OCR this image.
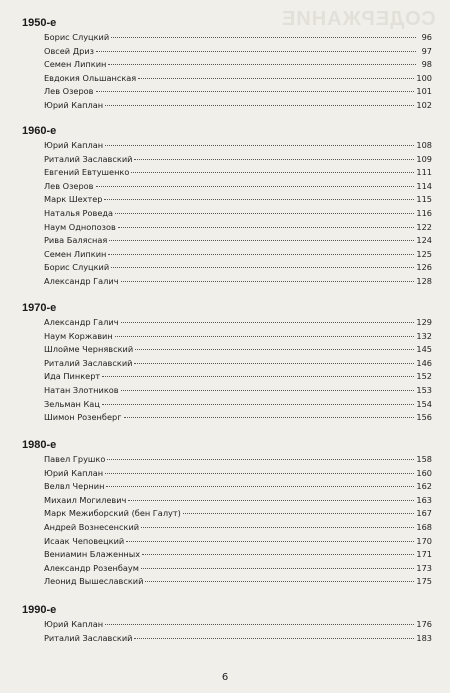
СОДЕРЖАНИЕ
1950-е
Борис Слуцкий	96
Овсей Дриз	97
Семен Липкин	98
Евдокия Ольшанская	100
Лев Озеров	101
Юрий Каплан	102
1960-е
Юрий Каплан	108
Риталий Заславский	109
Евгений Евтушенко	111
Лев Озеров	114
Марк Шехтер	115
Наталья Роведа	116
Наум Однопозов	122
Рива Балясная	124
Семен Липкин	125
Борис Слуцкий	126
Александр Галич	128
1970-е
Александр Галич	129
Наум Коржавин	132
Шлойме Чернявский	145
Риталий Заславский	146
Ида Пинкерт	152
Натан Злотников	153
Зельман Кац	154
Шимон Розенберг	156
1980-е
Павел Грушко	158
Юрий Каплан	160
Велвл Чернин	162
Михаил Могилевич	163
Марк Межиборский (бен Галут)	167
Андрей Вознесенский	168
Исаак Чеповецкий	170
Вениамин Блаженных	171
Александр Розенбаум	173
Леонид Вышеславский	175
1990-е
Юрий Каплан	176
Риталий Заславский	183
6
